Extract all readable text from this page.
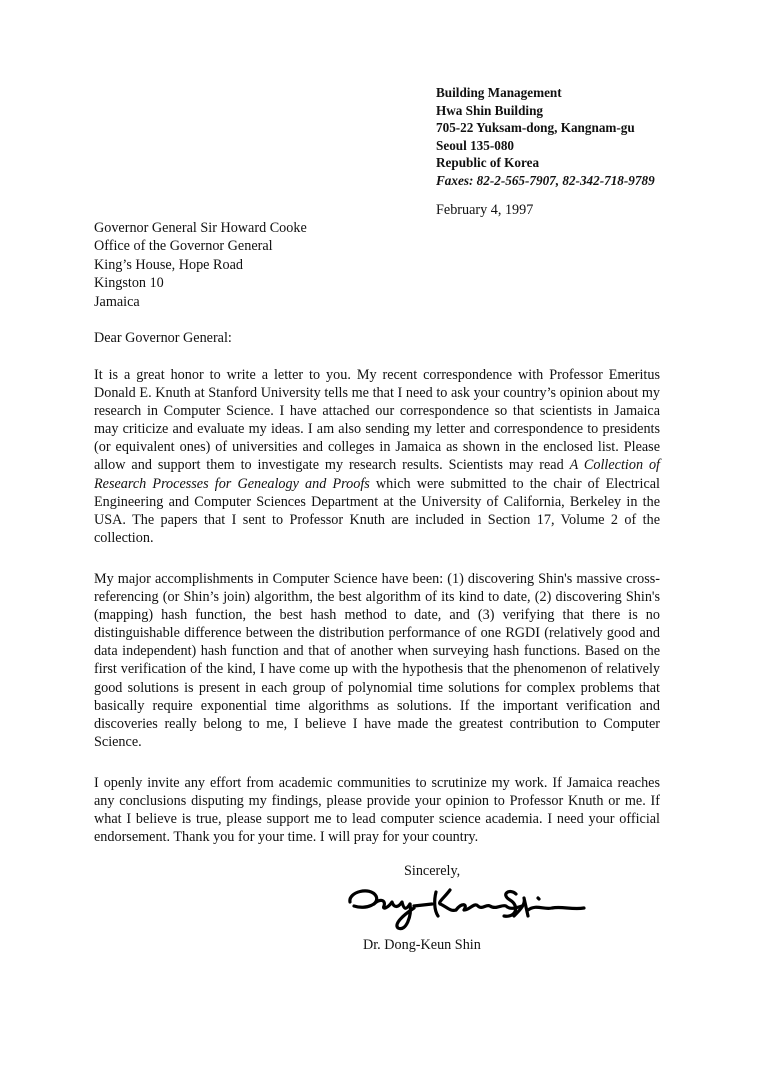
Building Management
Hwa Shin Building
705-22 Yuksam-dong, Kangnam-gu
Seoul 135-080
Republic of Korea
Faxes: 82-2-565-7907, 82-342-718-9789
February 4, 1997
Governor General Sir Howard Cooke
Office of the Governor General
King’s House, Hope Road
Kingston 10
Jamaica
Dear Governor General:
It is a great honor to write a letter to you. My recent correspondence with Professor Emeritus Donald E. Knuth at Stanford University tells me that I need to ask your country’s opinion about my research in Computer Science. I have attached our correspondence so that scientists in Jamaica may criticize and evaluate my ideas. I am also sending my letter and correspondence to presidents (or equivalent ones) of universities and colleges in Jamaica as shown in the enclosed list. Please allow and support them to investigate my research results. Scientists may read A Collection of Research Processes for Genealogy and Proofs which were submitted to the chair of Electrical Engineering and Computer Sciences Department at the University of California, Berkeley in the USA. The papers that I sent to Professor Knuth are included in Section 17, Volume 2 of the collection.
My major accomplishments in Computer Science have been: (1) discovering Shin's massive cross-referencing (or Shin’s join) algorithm, the best algorithm of its kind to date, (2) discovering Shin's (mapping) hash function, the best hash method to date, and (3) verifying that there is no distinguishable difference between the distribution performance of one RGDI (relatively good and data independent) hash function and that of another when surveying hash functions. Based on the first verification of the kind, I have come up with the hypothesis that the phenomenon of relatively good solutions is present in each group of polynomial time solutions for complex problems that basically require exponential time algorithms as solutions. If the important verification and discoveries really belong to me, I believe I have made the greatest contribution to Computer Science.
I openly invite any effort from academic communities to scrutinize my work. If Jamaica reaches any conclusions disputing my findings, please provide your opinion to Professor Knuth or me. If what I believe is true, please support me to lead computer science academia. I need your official endorsement. Thank you for your time. I will pray for your country.
Sincerely,
Dr. Dong-Keun Shin
